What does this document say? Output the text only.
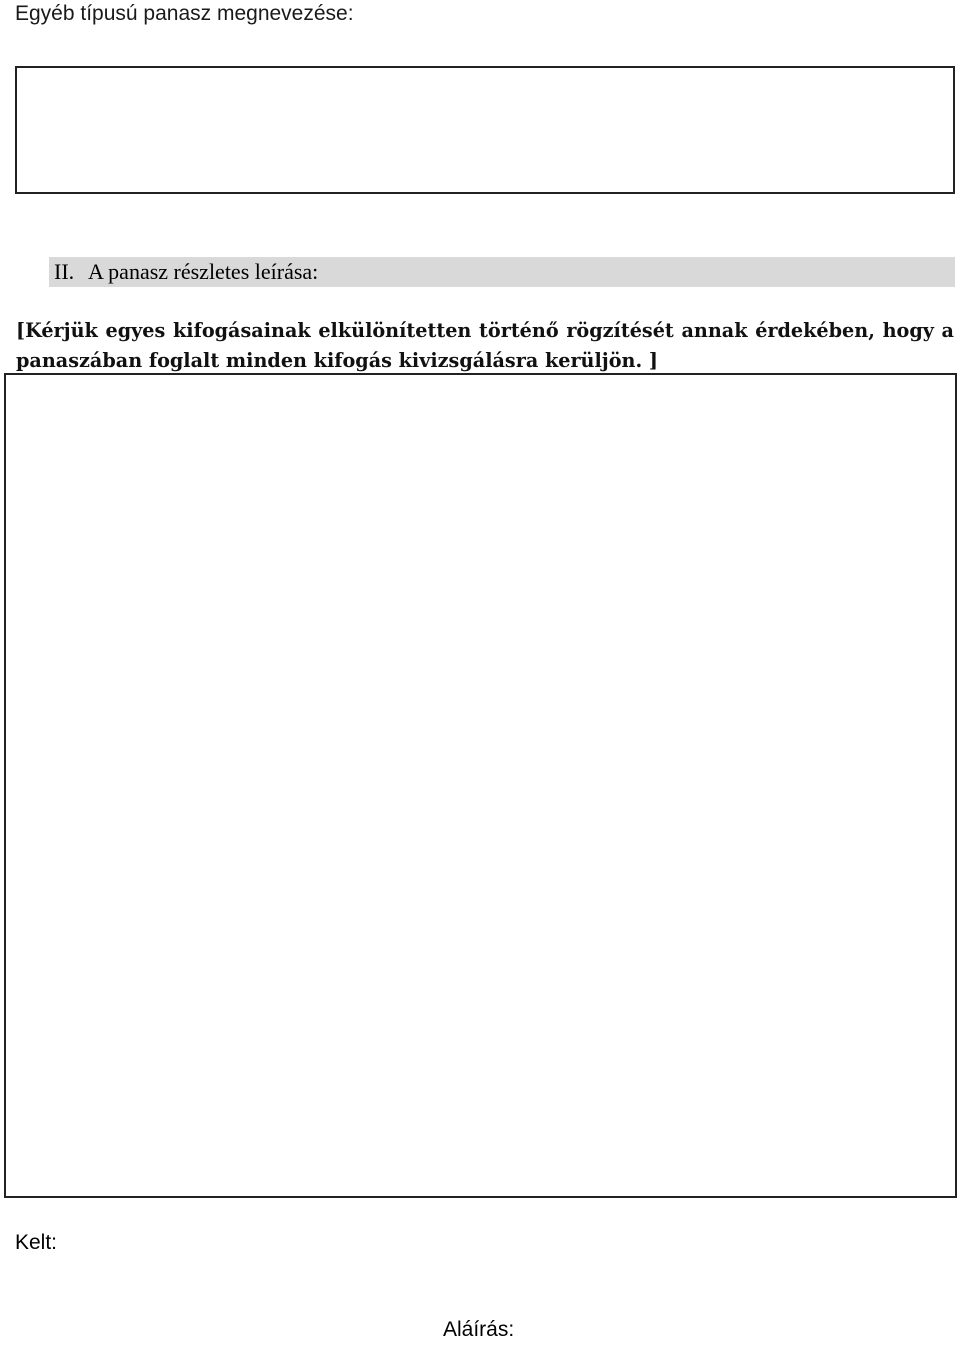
Egyéb típusú panasz megnevezése:
II. A panasz részletes leírása:
[Kérjük egyes kifogásainak elkülönítetten történő rögzítését annak érdekében, hogy a panaszában foglalt minden kifogás kivizsgálásra kerüljön. ]
Kelt:
Aláírás:
